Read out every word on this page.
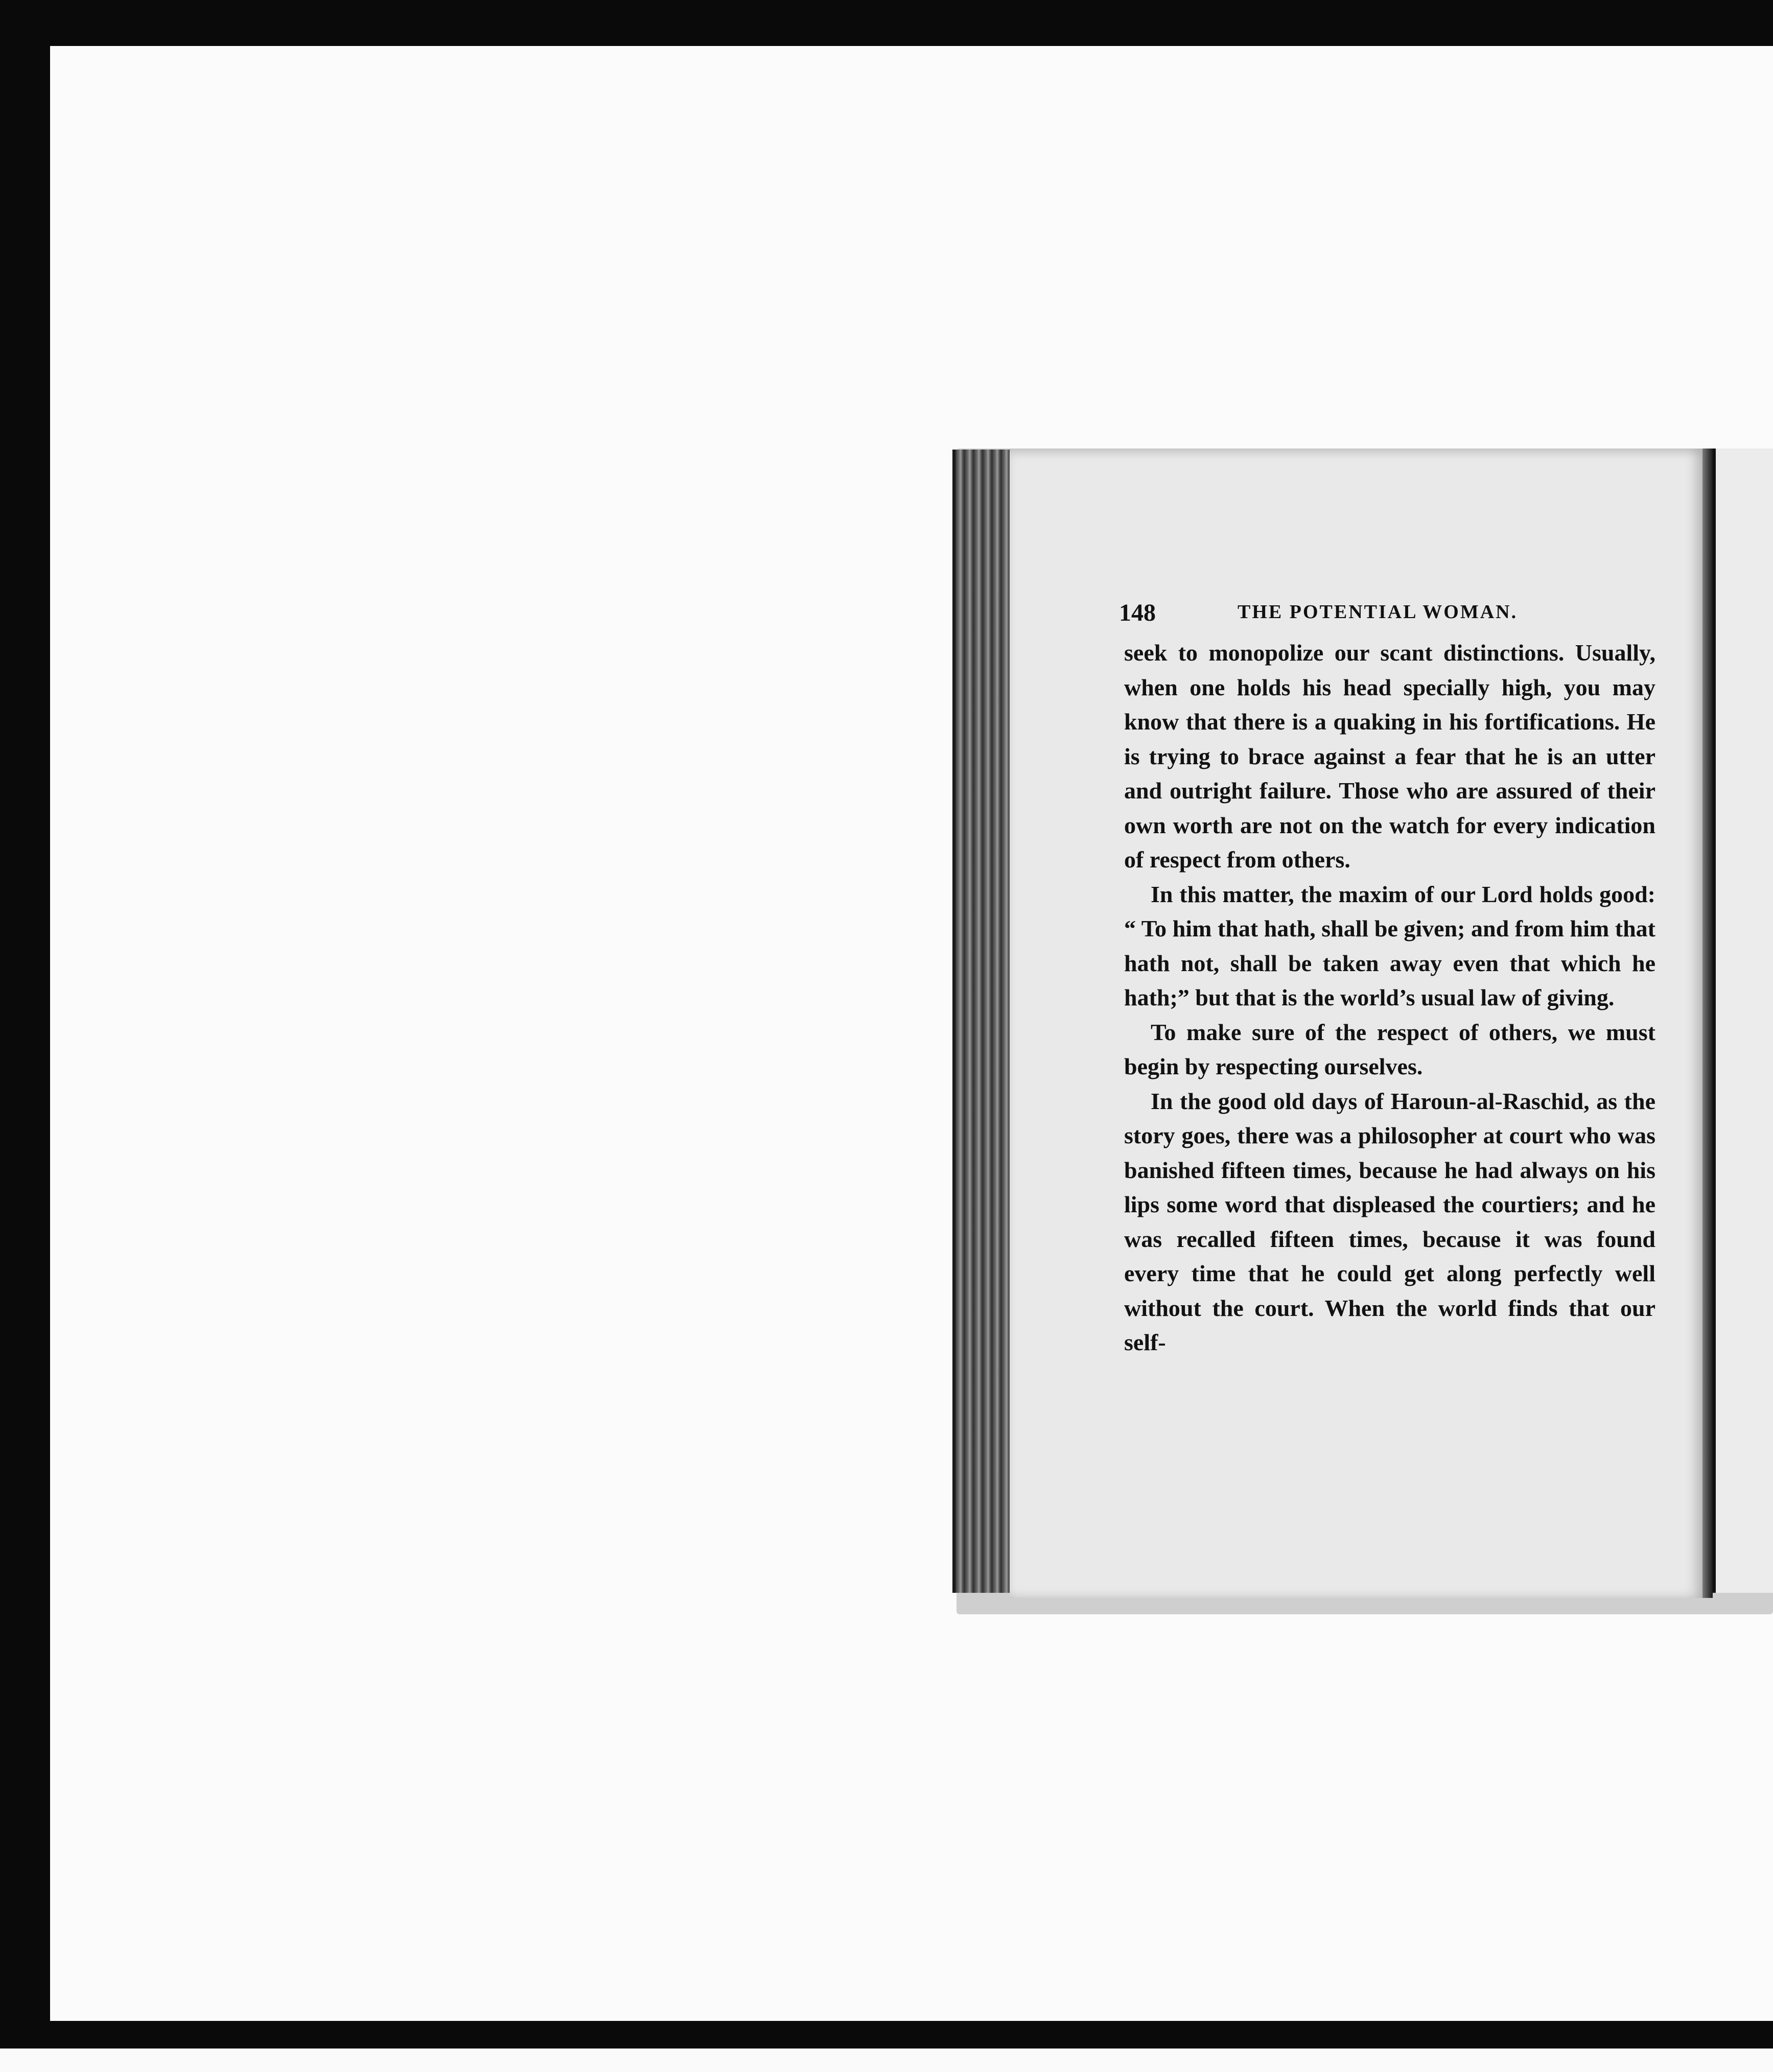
148	THE POTENTIAL WOMAN.

seek to monopolize our scant distinctions. Usually, when one holds his head specially high, you may know that there is a quaking in his fortifications. He is trying to brace against a fear that he is an utter and outright failure. Those who are assured of their own worth are not on the watch for every indication of respect from others.

In this matter, the maxim of our Lord holds good: “ To him that hath, shall be given; and from him that hath not, shall be taken away even that which he hath;” but that is the world’s usual law of giving.

To make sure of the respect of others, we must begin by respecting ourselves.

In the good old days of Haroun-al-Raschid, as the story goes, there was a philosopher at court who was banished fifteen times, because he had always on his lips some word that displeased the courtiers; and he was recalled fifteen times, because it was found every time that he could get along perfectly well without the court. When the world finds that our self-
